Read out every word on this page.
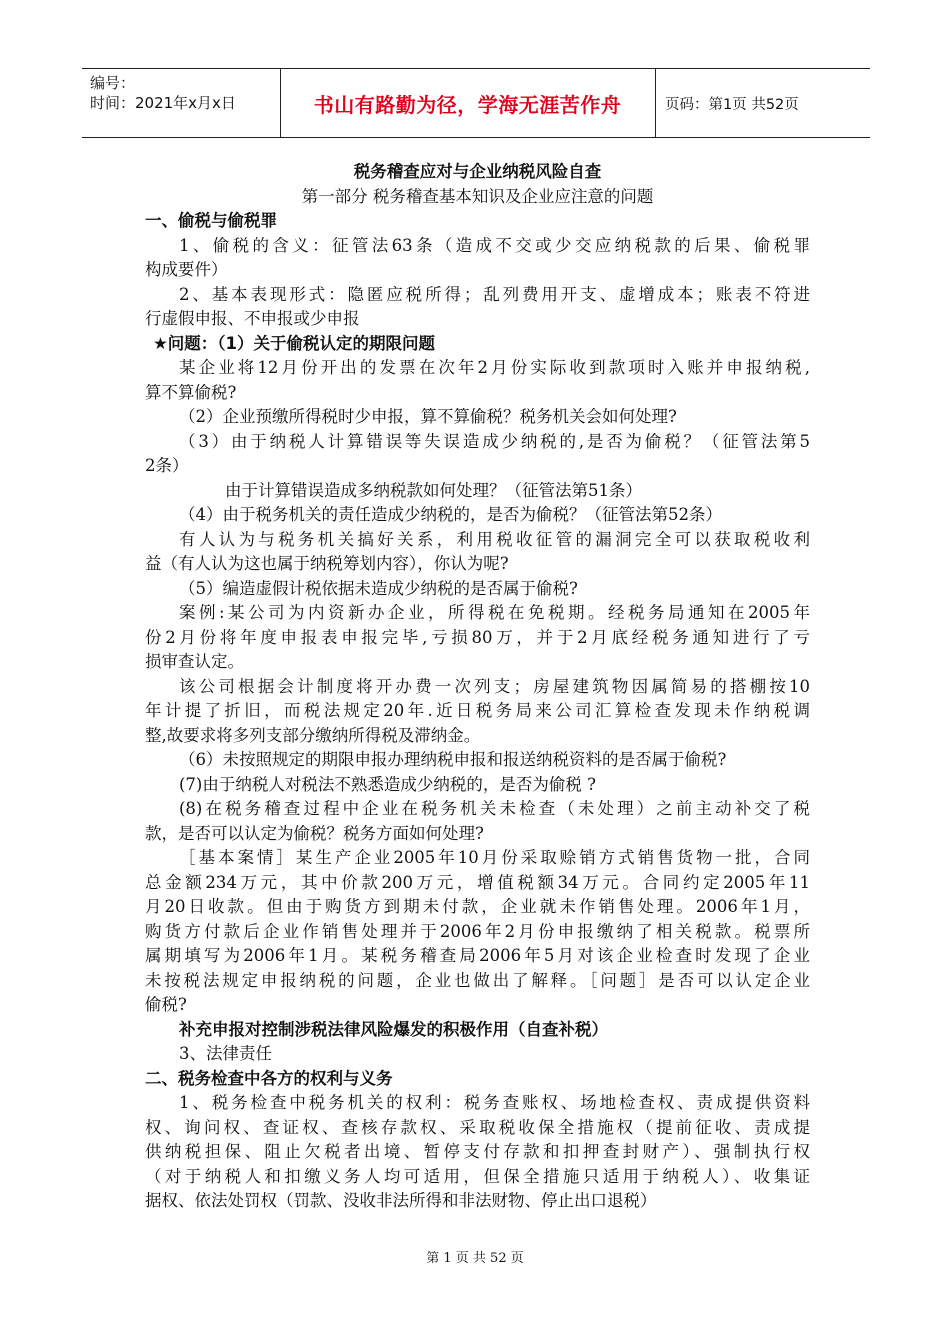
编号：
时间：2021年x月x日	书山有路勤为径，学海无涯苦作舟	页码：第1页 共52页
税务稽查应对与企业纳税风险自查
第一部分 税务稽查基本知识及企业应注意的问题
一、偷税与偷税罪
1、偷税的含义：征管法63条（造成不交或少交应纳税款的后果、偷税罪
构成要件）
2、基本表现形式：隐匿应税所得；乱列费用开支、虚增成本；账表不符进
行虚假申报、不申报或少申报
★问题：（1）关于偷税认定的期限问题
某企业将12月份开出的发票在次年2月份实际收到款项时入账并申报纳税,
算不算偷税?
（2）企业预缴所得税时少申报，算不算偷税？税务机关会如何处理?
（3）由于纳税人计算错误等失误造成少纳税的,是否为偷税？（征管法第5
2条）
由于计算错误造成多纳税款如何处理？（征管法第51条）
（4）由于税务机关的责任造成少纳税的，是否为偷税？（征管法第52条）
有人认为与税务机关搞好关系，利用税收征管的漏洞完全可以获取税收利
益（有人认为这也属于纳税筹划内容），你认为呢?
（5）编造虚假计税依据未造成少纳税的是否属于偷税?
案例:某公司为内资新办企业，所得税在免税期。经税务局通知在2005年
份2月份将年度申报表申报完毕,亏损80万，并于2月底经税务通知进行了亏
损审查认定。
该公司根据会计制度将开办费一次列支；房屋建筑物因属简易的搭棚按10
年计提了折旧，而税法规定20年.近日税务局来公司汇算检查发现未作纳税调
整,故要求将多列支部分缴纳所得税及滞纳金。
（6）未按照规定的期限申报办理纳税申报和报送纳税资料的是否属于偷税?
(7)由于纳税人对税法不熟悉造成少纳税的，是否为偷税 ?
(8)在税务稽查过程中企业在税务机关未检查（未处理）之前主动补交了税
款，是否可以认定为偷税？税务方面如何处理?
［基本案情］某生产企业2005年10月份采取赊销方式销售货物一批，合同
总金额234万元，其中价款200万元，增值税额34万元。合同约定2005年11
月20日收款。但由于购货方到期未付款，企业就未作销售处理。2006年1月，
购货方付款后企业作销售处理并于2006年2月份申报缴纳了相关税款。税票所
属期填写为2006年1月。某税务稽查局2006年5月对该企业检查时发现了企业
未按税法规定申报纳税的问题，企业也做出了解释。［问题］是否可以认定企业
偷税?
补充申报对控制涉税法律风险爆发的积极作用（自查补税）
3、法律责任
二、税务检查中各方的权利与义务
1、税务检查中税务机关的权利：税务查账权、场地检查权、责成提供资料
权、询问权、查证权、查核存款权、采取税收保全措施权（提前征收、责成提
供纳税担保、阻止欠税者出境、暂停支付存款和扣押查封财产）、强制执行权
（对于纳税人和扣缴义务人均可适用，但保全措施只适用于纳税人）、收集证
据权、依法处罚权（罚款、没收非法所得和非法财物、停止出口退税）
第 1 页 共 52 页
